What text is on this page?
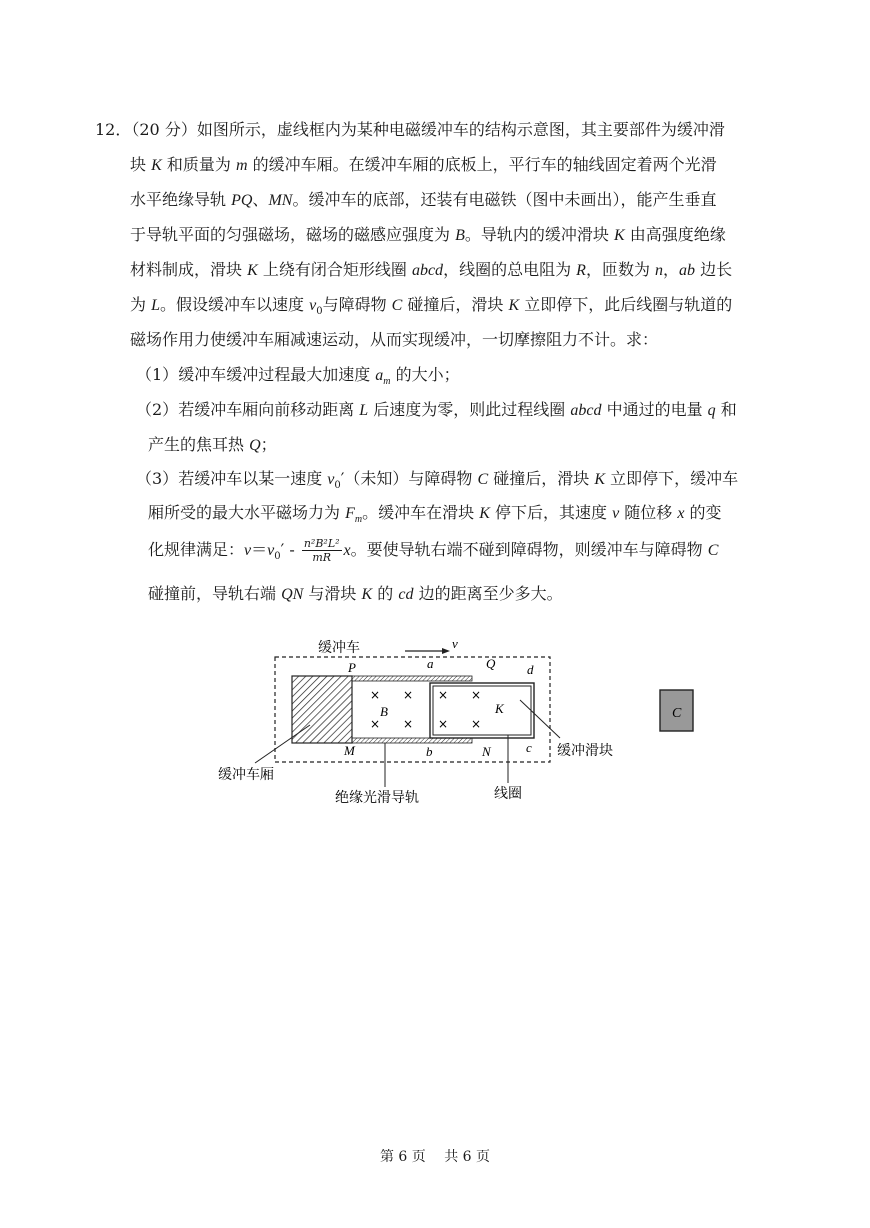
12．（20 分）如图所示，虚线框内为某种电磁缓冲车的结构示意图，其主要部件为缓冲滑
块 K 和质量为 m 的缓冲车厢。在缓冲车厢的底板上，平行车的轴线固定着两个光滑
水平绝缘导轨 PQ、MN。缓冲车的底部，还装有电磁铁（图中未画出），能产生垂直
于导轨平面的匀强磁场，磁场的磁感应强度为 B。导轨内的缓冲滑块 K 由高强度绝缘
材料制成，滑块 K 上绕有闭合矩形线圈 abcd，线圈的总电阻为 R，匝数为 n，ab 边长
为 L。假设缓冲车以速度 $v_0$与障碍物 C 碰撞后，滑块 K 立即停下，此后线圈与轨道的
磁场作用力使缓冲车厢减速运动，从而实现缓冲，一切摩擦阻力不计。求：
（1）缓冲车缓冲过程最大加速度 $a_m$ 的大小；
（2）若缓冲车厢向前移动距离 L 后速度为零，则此过程线圈 abcd 中通过的电量 q 和
产生的焦耳热 Q；
（3）若缓冲车以某一速度 $v_0'$（未知）与障碍物 C 碰撞后，滑块 K 立即停下，缓冲车
厢所受的最大水平磁场力为 $F_m$。缓冲车在滑块 K 停下后，其速度 v 随位移 x 的变
化规律满足：$v=v_0' - \frac{\text{n²B²L²}}{mR}$ x。要使导轨右端不碰到障碍物，则缓冲车与障碍物 C
碰撞前，导轨右端 QN 与滑块 K 的 cd 边的距离至少多大。
× ×
× ×
× ×
× ×
缓冲车	v
P	a	Q d
B	K
M	b	N	c 缓冲滑块
缓冲车厢
绝缘光滑导轨	线圈
C
第 6 页　 共 6 页
